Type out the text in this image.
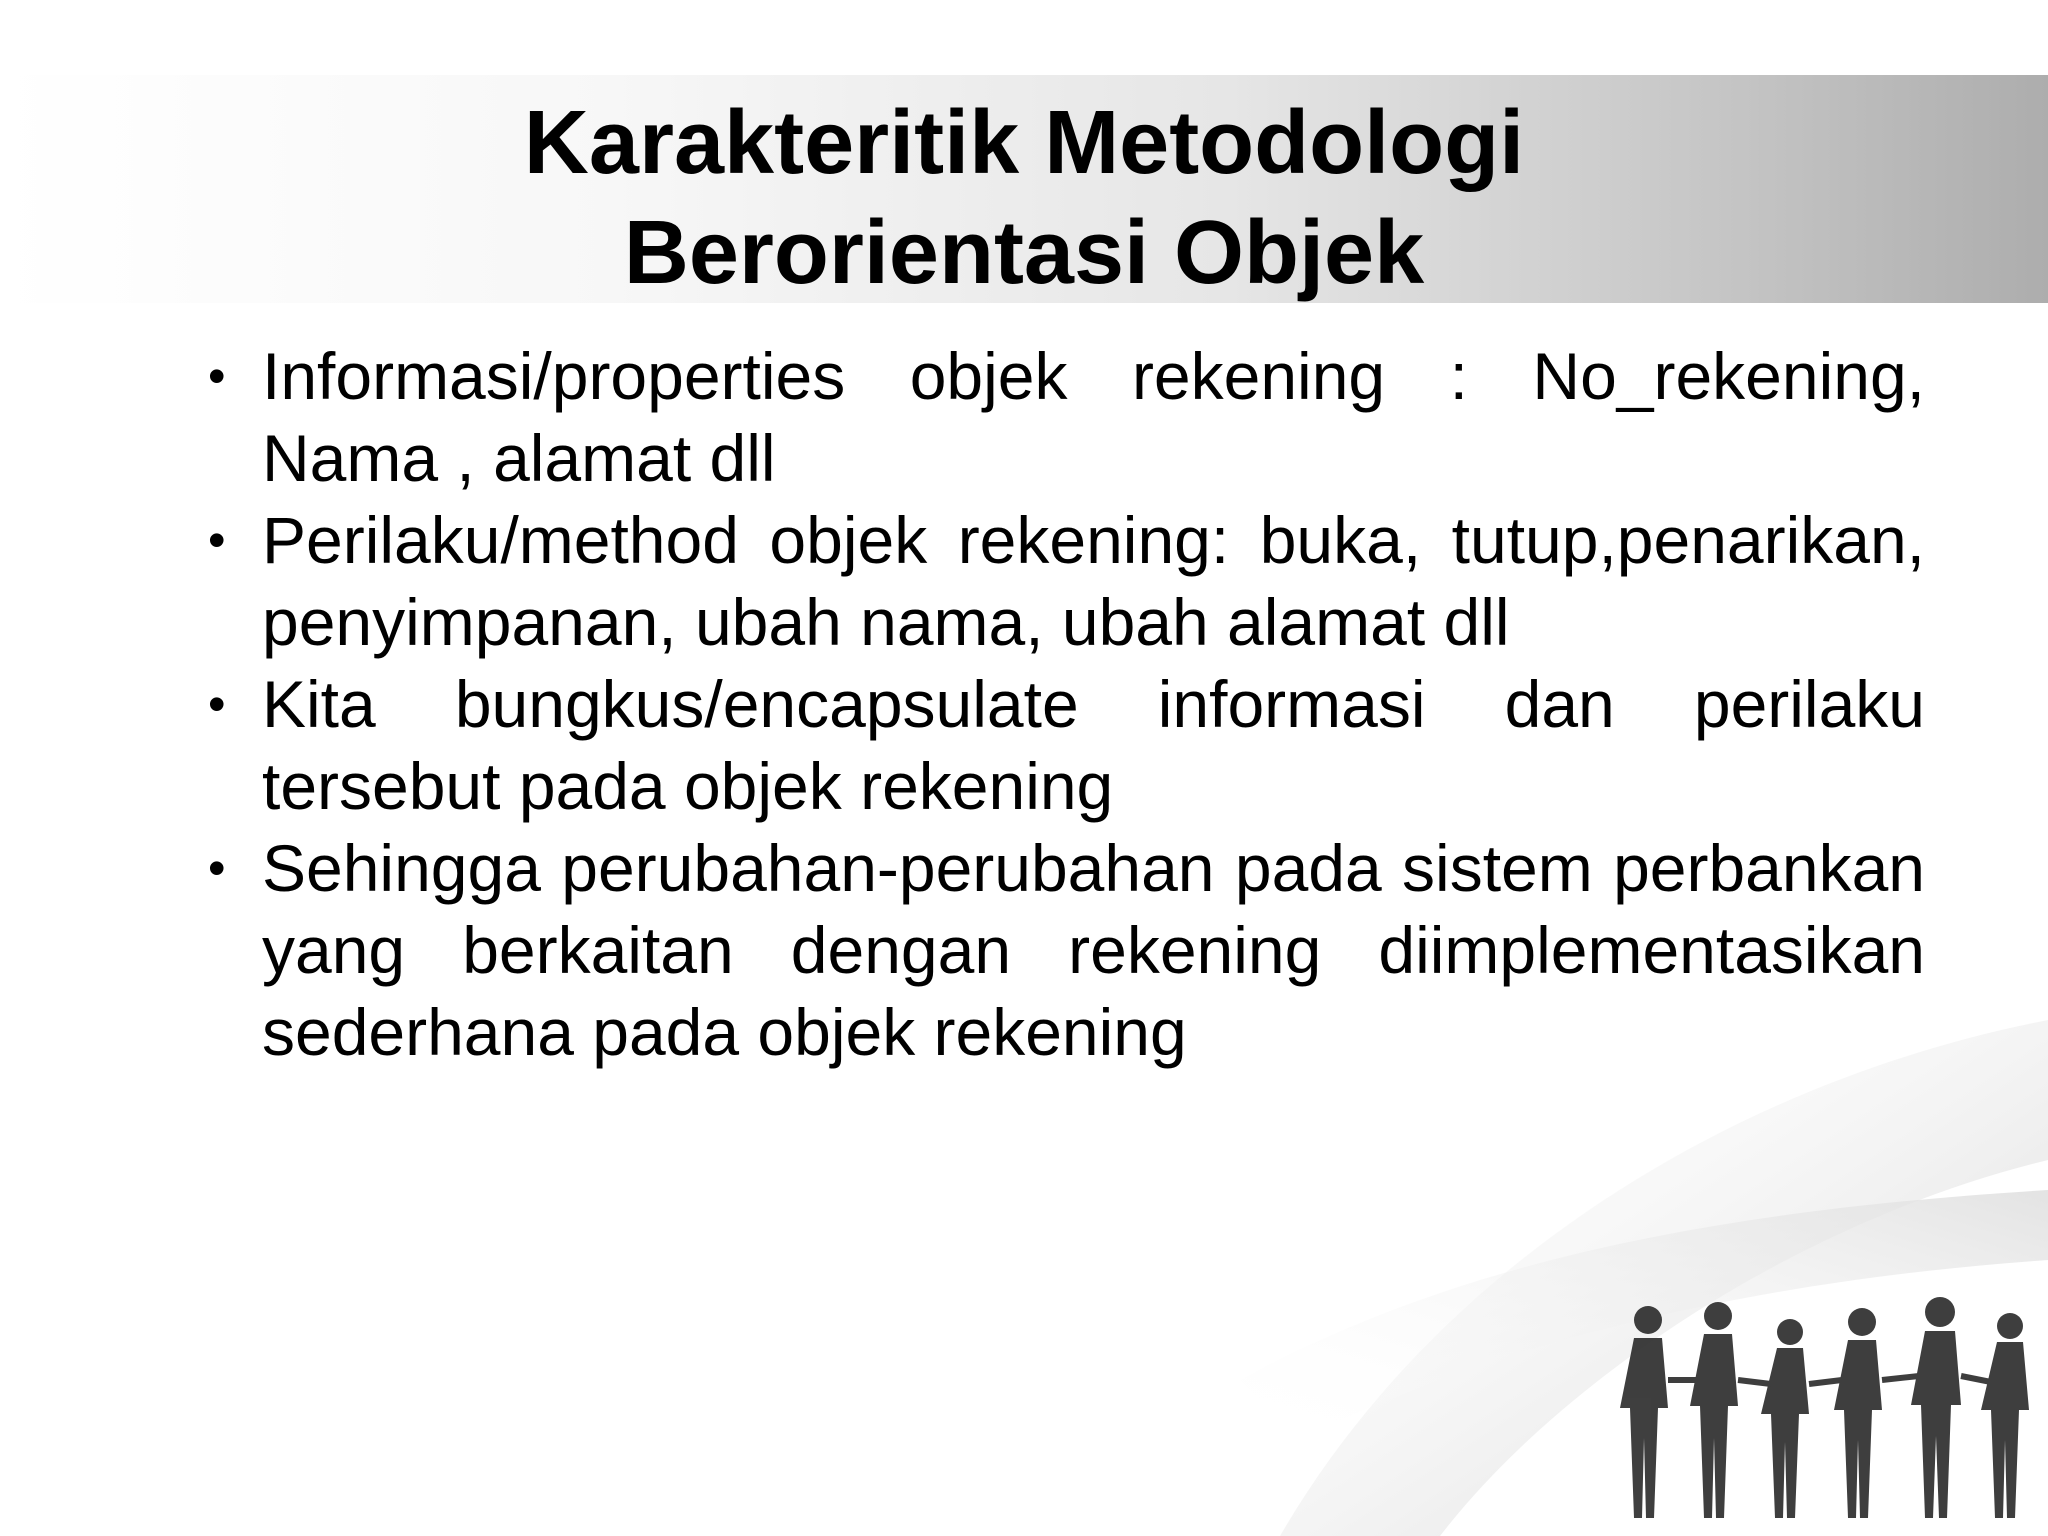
Karakteritik Metodologi
Berorientasi Objek
• Informasi/properties objek rekening : No_rekening, Nama , alamat dll
• Perilaku/method objek rekening: buka, tutup,penarikan, penyimpanan, ubah nama, ubah alamat dll
• Kita bungkus/encapsulate informasi dan perilaku tersebut pada objek rekening
• Sehingga perubahan-perubahan pada sistem perbankan yang berkaitan dengan rekening diimplementasikan sederhana pada objek rekening
